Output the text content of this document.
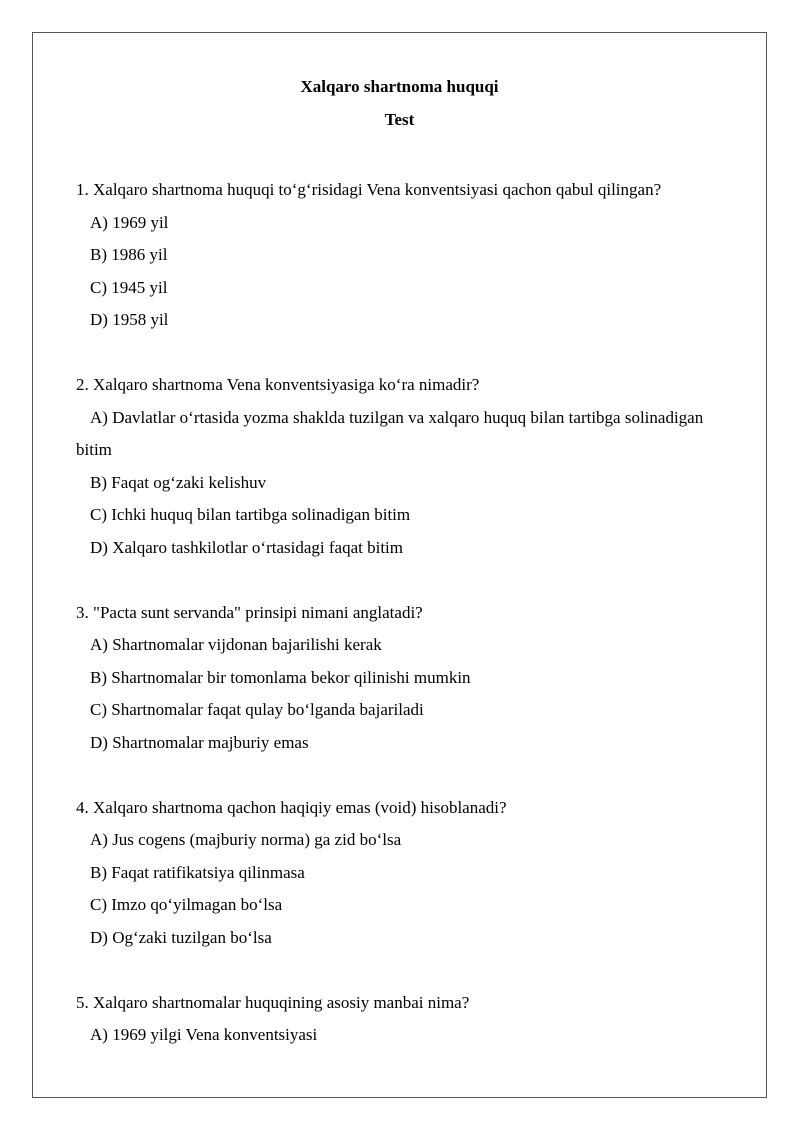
Xalqaro shartnoma huquqi
Test
1. Xalqaro shartnoma huquqi to‘g‘risidagi Vena konventsiyasi qachon qabul qilingan?
A) 1969 yil
B) 1986 yil
C) 1945 yil
D) 1958 yil
2. Xalqaro shartnoma Vena konventsiyasiga ko‘ra nimadir?
A) Davlatlar o‘rtasida yozma shaklda tuzilgan va xalqaro huquq bilan tartibga solinadigan bitim
B) Faqat og‘zaki kelishuv
C) Ichki huquq bilan tartibga solinadigan bitim
D) Xalqaro tashkilotlar o‘rtasidagi faqat bitim
3. "Pacta sunt servanda" prinsipi nimani anglatadi?
A) Shartnomalar vijdonan bajarilishi kerak
B) Shartnomalar bir tomonlama bekor qilinishi mumkin
C) Shartnomalar faqat qulay bo‘lganda bajariladi
D) Shartnomalar majburiy emas
4. Xalqaro shartnoma qachon haqiqiy emas (void) hisoblanadi?
A) Jus cogens (majburiy norma) ga zid bo‘lsa
B) Faqat ratifikatsiya qilinmasa
C) Imzo qo‘yilmagan bo‘lsa
D) Og‘zaki tuzilgan bo‘lsa
5. Xalqaro shartnomalar huquqining asosiy manbai nima?
A) 1969 yilgi Vena konventsiyasi
